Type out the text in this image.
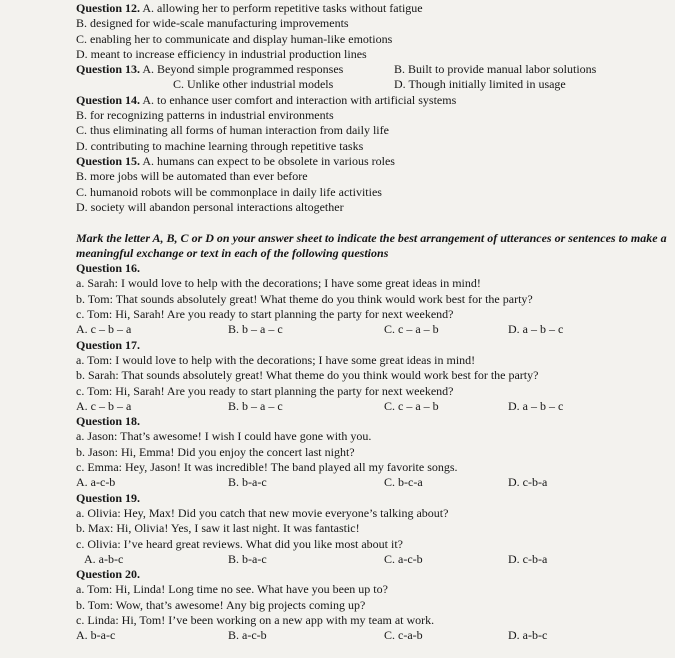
Question 12. A. allowing her to perform repetitive tasks without fatigue
B. designed for wide-scale manufacturing improvements
C. enabling her to communicate and display human-like emotions
D. meant to increase efficiency in industrial production lines
Question 13. A. Beyond simple programmed responses	B. Built to provide manual labor solutions
C. Unlike other industrial models	D. Though initially limited in usage
Question 14. A. to enhance user comfort and interaction with artificial systems
B. for recognizing patterns in industrial environments
C. thus eliminating all forms of human interaction from daily life
D. contributing to machine learning through repetitive tasks
Question 15. A. humans can expect to be obsolete in various roles
B. more jobs will be automated than ever before
C. humanoid robots will be commonplace in daily life activities
D. society will abandon personal interactions altogether
Mark the letter A, B, C or D on your answer sheet to indicate the best arrangement of utterances or sentences to make a meaningful exchange or text in each of the following questions
Question 16.
a. Sarah: I would love to help with the decorations; I have some great ideas in mind!
b. Tom: That sounds absolutely great! What theme do you think would work best for the party?
c. Tom: Hi, Sarah! Are you ready to start planning the party for next weekend?
A. c – b – a	B. b – a – c	C. c – a – b	D. a – b – c
Question 17.
a. Tom: I would love to help with the decorations; I have some great ideas in mind!
b. Sarah: That sounds absolutely great! What theme do you think would work best for the party?
c. Tom: Hi, Sarah! Are you ready to start planning the party for next weekend?
A. c – b – a	B. b – a – c	C. c – a – b	D. a – b – c
Question 18.
a. Jason: That’s awesome! I wish I could have gone with you.
b. Jason: Hi, Emma! Did you enjoy the concert last night?
c. Emma: Hey, Jason! It was incredible! The band played all my favorite songs.
A. a-c-b	B. b-a-c	C. b-c-a	D. c-b-a
Question 19.
a. Olivia: Hey, Max! Did you catch that new movie everyone’s talking about?
b. Max: Hi, Olivia! Yes, I saw it last night. It was fantastic!
c. Olivia: I’ve heard great reviews. What did you like most about it?
A. a-b-c	B. b-a-c	C. a-c-b	D. c-b-a
Question 20.
a. Tom: Hi, Linda! Long time no see. What have you been up to?
b. Tom: Wow, that’s awesome! Any big projects coming up?
c. Linda: Hi, Tom! I’ve been working on a new app with my team at work.
A. b-a-c	B. a-c-b	C. c-a-b	D. a-b-c
